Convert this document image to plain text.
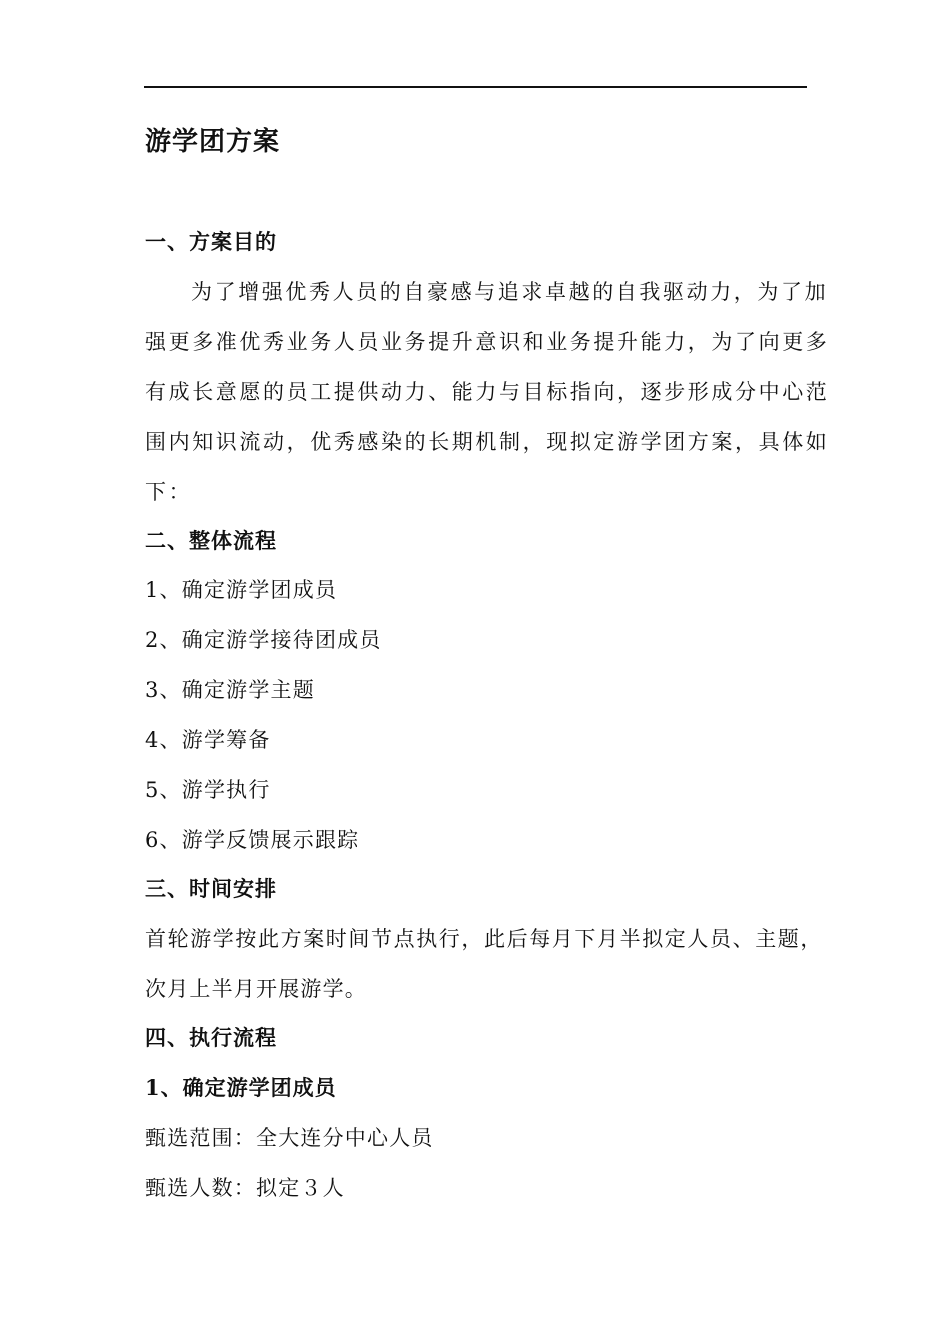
游学团方案
一、方案目的
为了增强优秀人员的自豪感与追求卓越的自我驱动力，为了加
强更多准优秀业务人员业务提升意识和业务提升能力，为了向更多
有成长意愿的员工提供动力、能力与目标指向，逐步形成分中心范
围内知识流动，优秀感染的长期机制，现拟定游学团方案，具体如
下：
二、整体流程
1、确定游学团成员
2、确定游学接待团成员
3、确定游学主题
4、游学筹备
5、游学执行
6、游学反馈展示跟踪
三、时间安排
首轮游学按此方案时间节点执行，此后每月下月半拟定人员、主题，
次月上半月开展游学。
四、执行流程
1、确定游学团成员
甄选范围：全大连分中心人员
甄选人数：拟定３人
